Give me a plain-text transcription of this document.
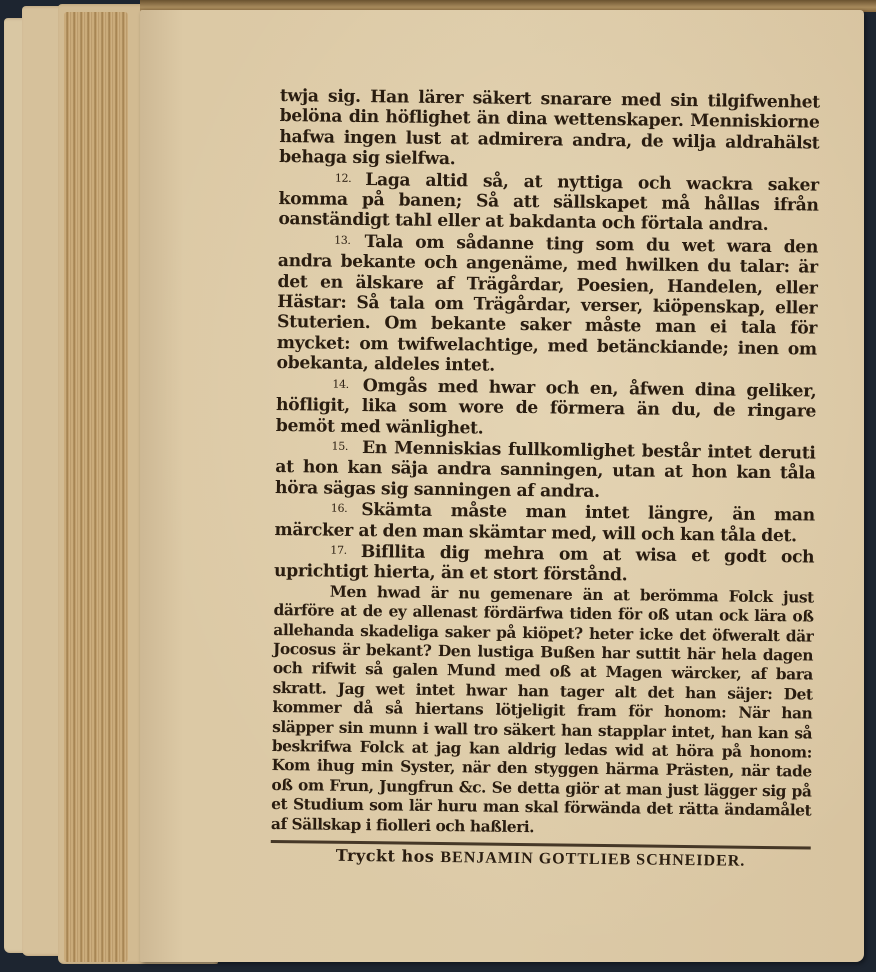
twja sig. Han lärer säkert snarare med sin tilgifwenhet belöna din höflighet än dina wettenskaper. Menniskiorne hafwa ingen lust at admirera andra, de wilja aldrahälst behaga sig sielfwa.

12. Laga altid så, at nyttiga och wackra saker komma på banen; Så att sällskapet må hållas ifrån oanständigt tahl eller at bakdanta och förtala andra.

13. Tala om sådanne ting som du wet wara den andra bekante och angenäme, med hwilken du talar: är det en älskare af Trägårdar, Poesien, Handelen, eller Hästar: Så tala om Trägårdar, verser, kiöpenskap, eller Stuterien. Om bekante saker måste man ei tala för mycket: om twifwelachtige, med betänckiande; inen om obekanta, aldeles intet.

14. Omgås med hwar och en, åfwen dina geliker, höfligit, lika som wore de förmera än du, de ringare bemöt med wänlighet.

15. En Menniskias fullkomlighet består intet deruti at hon kan säja andra sanningen, utan at hon kan tåla höra sägas sig sanningen af andra.

16. Skämta måste man intet längre, än man märcker at den man skämtar med, will och kan tåla det.

17. Bifllita dig mehra om at wisa et godt och uprichtigt hierta, än et stort förstånd.

Men hwad är nu gemenare än at berömma Folck just därföre at de ey allenast fördärfwa tiden för oß utan ock lära oß allehanda skadeliga saker på kiöpet? heter icke det öfweralt där Jocosus är bekant? Den lustiga Bußen har suttit här hela dagen och rifwit så galen Mund med oß at Magen wärcker, af bara skratt. Jag wet intet hwar han tager alt det han säjer: Det kommer då så hiertans lötjeligit fram för honom: När han släpper sin munn i wall tro säkert han stapplar intet, han kan så beskrifwa Folck at jag kan aldrig ledas wid at höra på honom: Kom ihug min Syster, när den styggen härma Prästen, när tade oß om Frun, Jungfrun &c. Se detta giör at man just lägger sig på et Studium som lär huru man skal förwända det rätta ändamålet af Sällskap i fiolleri och haßleri.

Tryckt hos BENJAMIN GOTTLIEB SCHNEIDER.
